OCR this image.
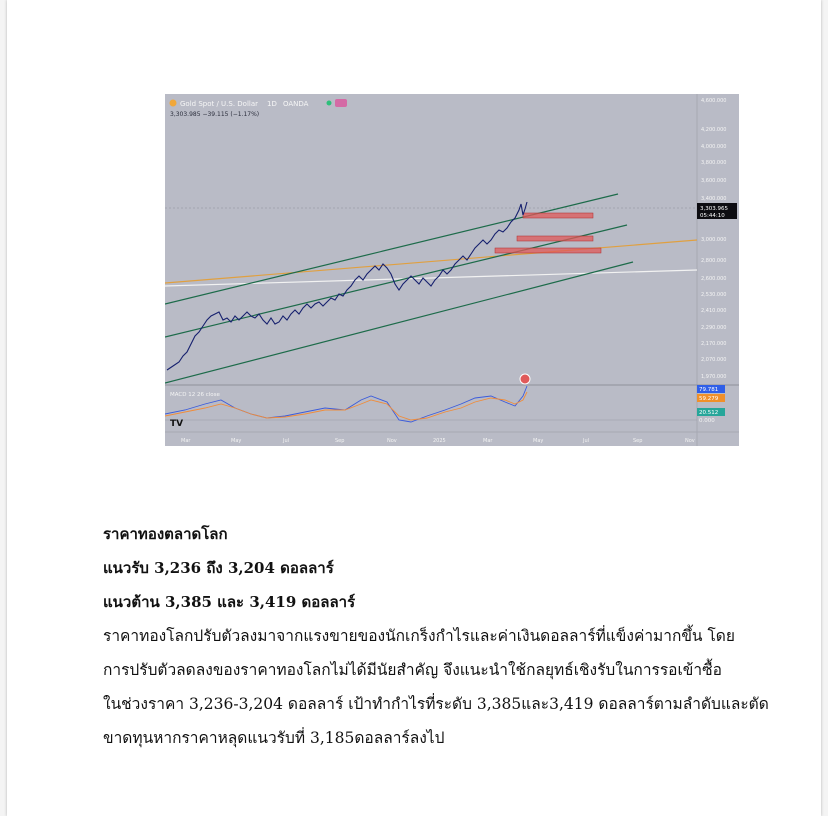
Gold Spot / U.S. Dollar 1D OANDA
3,303.985 −39.115 (−1.17%)
3,303.965
05:44:10
4,600.000
4,200.000
4,000.000
3,800.000
3,600.000
3,400.000
3,000.000
2,800.000
2,600.000
2,530.000
2,410.000
2,290.000
2,170.000
2,070.000
1,970.000
Mar	May	Jul	Sep	Nov	2025	Mar	May	Jul	Sep	Nov
MACD 12 26 close
79.781
59.279
20.512
0.000
TV
ราคาทองตลาดโลก
แนวรับ 3,236 ถึง 3,204 ดอลลาร์
แนวต้าน 3,385 และ 3,419 ดอลลาร์
ราคาทองโลกปรับตัวลงมาจากแรงขายของนักเกร็งกำไรและค่าเงินดอลลาร์ที่แข็งค่ามากขึ้น โดย
การปรับตัวลดลงของราคาทองโลกไม่ได้มีนัยสำคัญ จึงแนะนำใช้กลยุทธ์เชิงรับในการรอเข้าซื้อ
ในช่วงราคา 3,236-3,204 ดอลลาร์ เป้าทำกำไรที่ระดับ 3,385และ3,419 ดอลลาร์ตามลำดับและตัด
ขาดทุนหากราคาหลุดแนวรับที่ 3,185ดอลลาร์ลงไป
